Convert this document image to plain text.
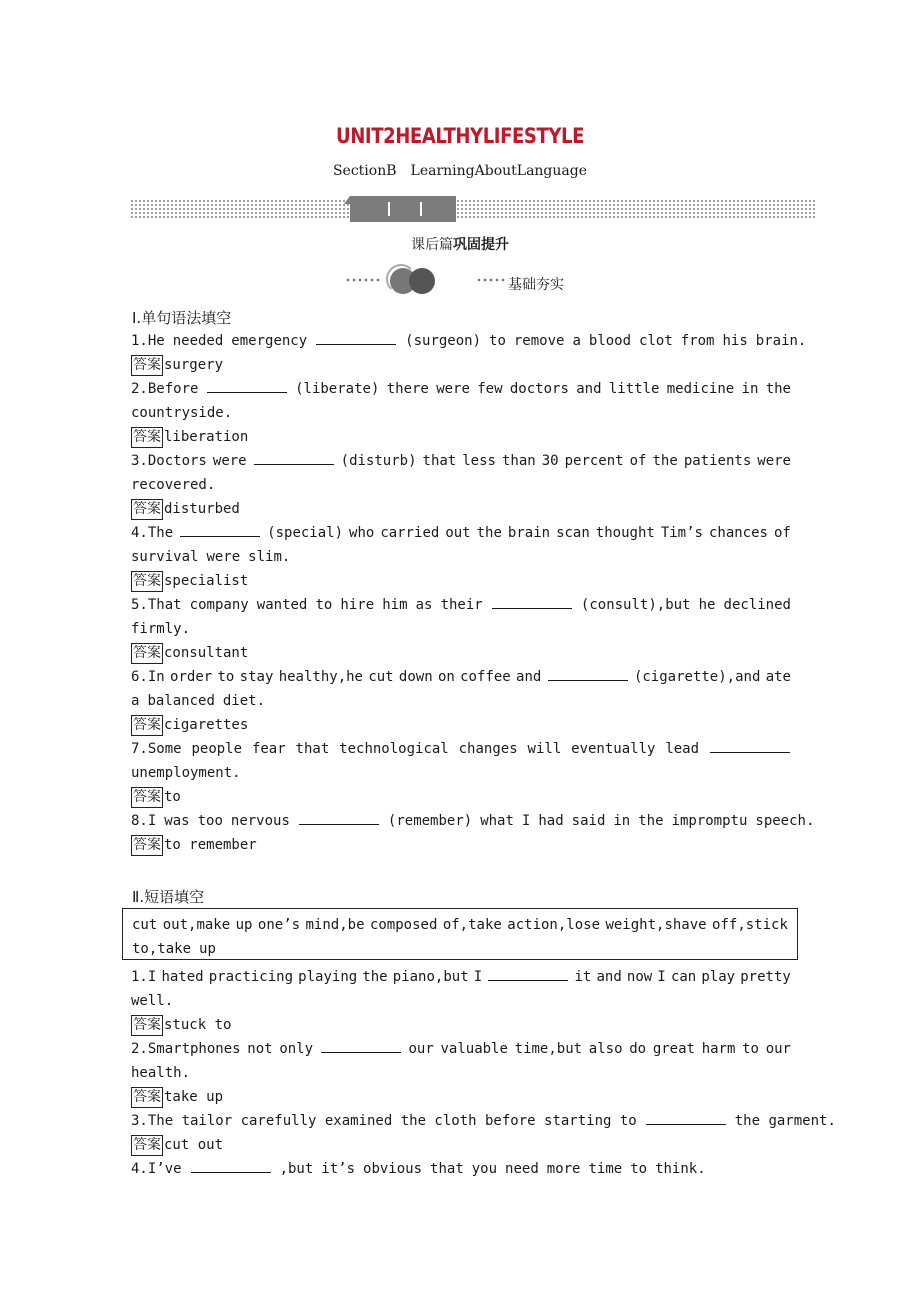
UNIT2HEALTHYLIFESTYLE
SectionB LearningAboutLanguage
课后篇巩固提升
基础夯实
Ⅰ.单句语法填空
1.He needed emergency	(surgeon) to remove a blood clot from his brain.
答案 surgery
2.Before	(liberate) there were few doctors and little medicine in the
countryside.
答案 liberation
3.Doctors were	(disturb) that less than 30 percent of the patients were
recovered.
答案 disturbed
4.The	(special) who carried out the brain scan thought Tim’s chances of
survival were slim.
答案 specialist
5.That company wanted to hire him as their	(consult),but he declined
firmly.
答案 consultant
6.In order to stay healthy,he cut down on coffee and	(cigarette),and ate
a balanced diet.
答案 cigarettes
7.Some people fear that technological changes will eventually lead
unemployment.
答案 to
8.I was too nervous	(remember) what I had said in the impromptu speech.
答案 to remember
Ⅱ.短语填空
cut out,make up one’s mind,be composed of,take action,lose weight,shave off,stick
to,take up
1.I hated practicing playing the piano,but I	it and now I can play pretty
well.
答案 stuck to
2.Smartphones not only	our valuable time,but also do great harm to our
health.
答案 take up
3.The tailor carefully examined the cloth before starting to	the garment.
答案 cut out
4.I’ve	,but it’s obvious that you need more time to think.
